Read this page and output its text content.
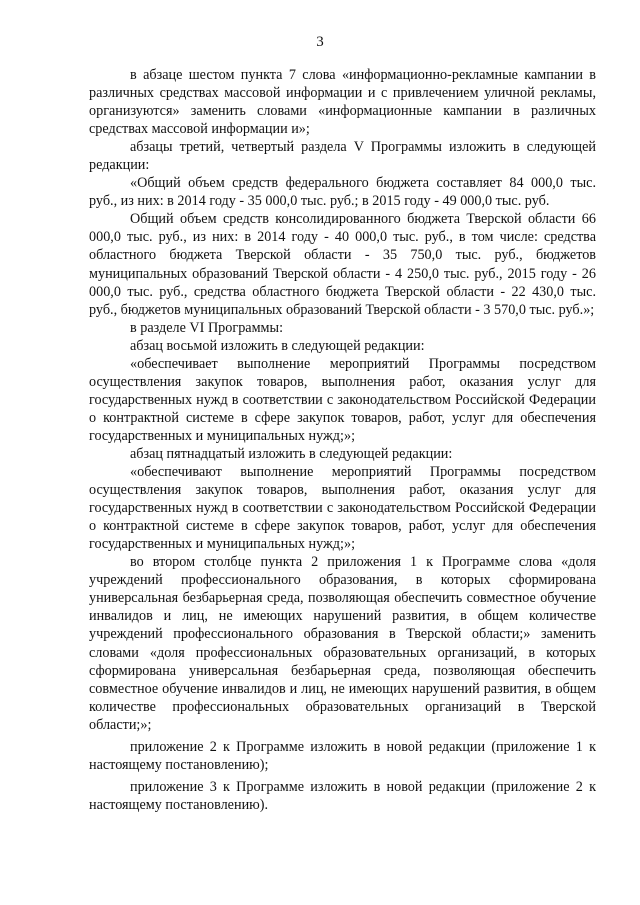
3

в абзаце шестом пункта 7 слова «информационно-рекламные кампании в различных средствах массовой информации и с привлечением уличной рекламы, организуются» заменить словами «информационные кампании в различных средствах массовой информации и»;

абзацы третий, четвертый раздела V Программы изложить в следующей редакции:

«Общий объем средств федерального бюджета составляет 84 000,0 тыс. руб., из них: в 2014 году - 35 000,0 тыс. руб.; в 2015 году - 49 000,0 тыс. руб.

Общий объем средств консолидированного бюджета Тверской области 66 000,0 тыс. руб., из них: в 2014 году - 40 000,0 тыс. руб., в том числе: средства областного бюджета Тверской области - 35 750,0 тыс. руб., бюджетов муниципальных образований Тверской области - 4 250,0 тыс. руб., 2015 году - 26 000,0 тыс. руб., средства областного бюджета Тверской области - 22 430,0 тыс. руб., бюджетов муниципальных образований Тверской области - 3 570,0 тыс. руб.»;

в разделе VI Программы:

абзац восьмой изложить в следующей редакции:

«обеспечивает выполнение мероприятий Программы посредством осуществления закупок товаров, выполнения работ, оказания услуг для государственных нужд в соответствии с законодательством Российской Федерации о контрактной системе в сфере закупок товаров, работ, услуг для обеспечения государственных и муниципальных нужд;»;

абзац пятнадцатый изложить в следующей редакции:

«обеспечивают выполнение мероприятий Программы посредством осуществления закупок товаров, выполнения работ, оказания услуг для государственных нужд в соответствии с законодательством Российской Федерации о контрактной системе в сфере закупок товаров, работ, услуг для обеспечения государственных и муниципальных нужд;»;

во втором столбце пункта 2 приложения 1 к Программе слова «доля учреждений профессионального образования, в которых сформирована универсальная безбарьерная среда, позволяющая обеспечить совместное обучение инвалидов и лиц, не имеющих нарушений развития, в общем количестве учреждений профессионального образования в Тверской области;» заменить словами «доля профессиональных образовательных организаций, в которых сформирована универсальная безбарьерная среда, позволяющая обеспечить совместное обучение инвалидов и лиц, не имеющих нарушений развития, в общем количестве профессиональных образовательных организаций в Тверской области;»;

приложение 2 к Программе изложить в новой редакции (приложение 1 к настоящему постановлению);

приложение 3 к Программе изложить в новой редакции (приложение 2 к настоящему постановлению).
